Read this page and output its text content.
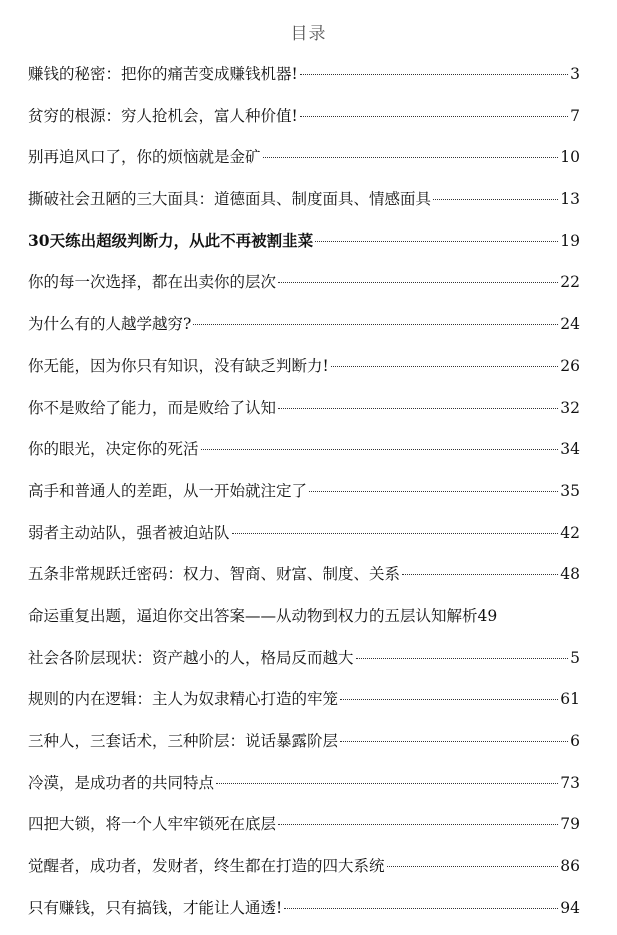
目录
赚钱的秘密：把你的痛苦变成赚钱机器!	3
贫穷的根源：穷人抢机会，富人种价值!	7
别再追风口了，你的烦恼就是金矿	10
撕破社会丑陋的三大面具：道德面具、制度面具、情感面具	13
30天练出超级判断力，从此不再被割韭菜	19
你的每一次选择，都在出卖你的层次	22
为什么有的人越学越穷?	24
你无能，因为你只有知识，没有缺乏判断力!	26
你不是败给了能力，而是败给了认知	32
你的眼光，决定你的死活	34
高手和普通人的差距，从一开始就注定了	35
弱者主动站队，强者被迫站队	42
五条非常规跃迁密码：权力、智商、财富、制度、关系	48
命运重复出题，逼迫你交出答案——从动物到权力的五层认知解析 49
社会各阶层现状：资产越小的人，格局反而越大	5
规则的内在逻辑：主人为奴隶精心打造的牢笼	61
三种人，三套话术，三种阶层：说话暴露阶层	6
冷漠，是成功者的共同特点	73
四把大锁，将一个人牢牢锁死在底层	79
觉醒者，成功者，发财者，终生都在打造的四大系统	86
只有赚钱，只有搞钱，才能让人通透!	94
